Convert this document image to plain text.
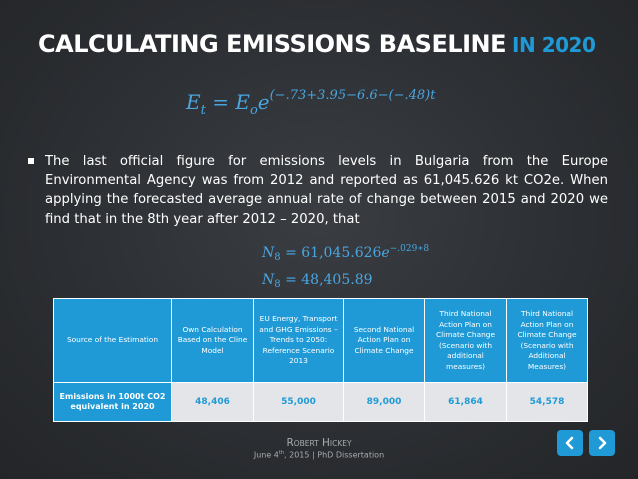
CALCULATING EMISSIONS BASELINE IN 2020
$E_t = E_oe^{(-.73+3.95-6.6-(-.48)t}$
The last official figure for emissions levels in Bulgaria from the Europe Environmental Agency was from 2012 and reported as 61,045.626 kt CO2e. When applying the forecasted average annual rate of change between 2015 and 2020 we find that in the 8th year after 2012 – 2020, that
$N_8 = 61,045.626e^{-.029∗8}$
$N_8 = 48,405.89$
Source of the Estimation	Own Calculation Based on the Cline Model	EU Energy, Transport and GHG Emissions – Trends to 2050: Reference Scenario 2013	Second National Action Plan on Climate Change	Third National Action Plan on Climate Change (Scenario with additional measures)	Third National Action Plan on Climate Change (Scenario with Additional Measures)
Emissions in 1000t CO2 equivalent in 2020	48,406	55,000	89,000	61,864	54,578
ROBERT HICKEY
June 4th, 2015 | PhD Dissertation
